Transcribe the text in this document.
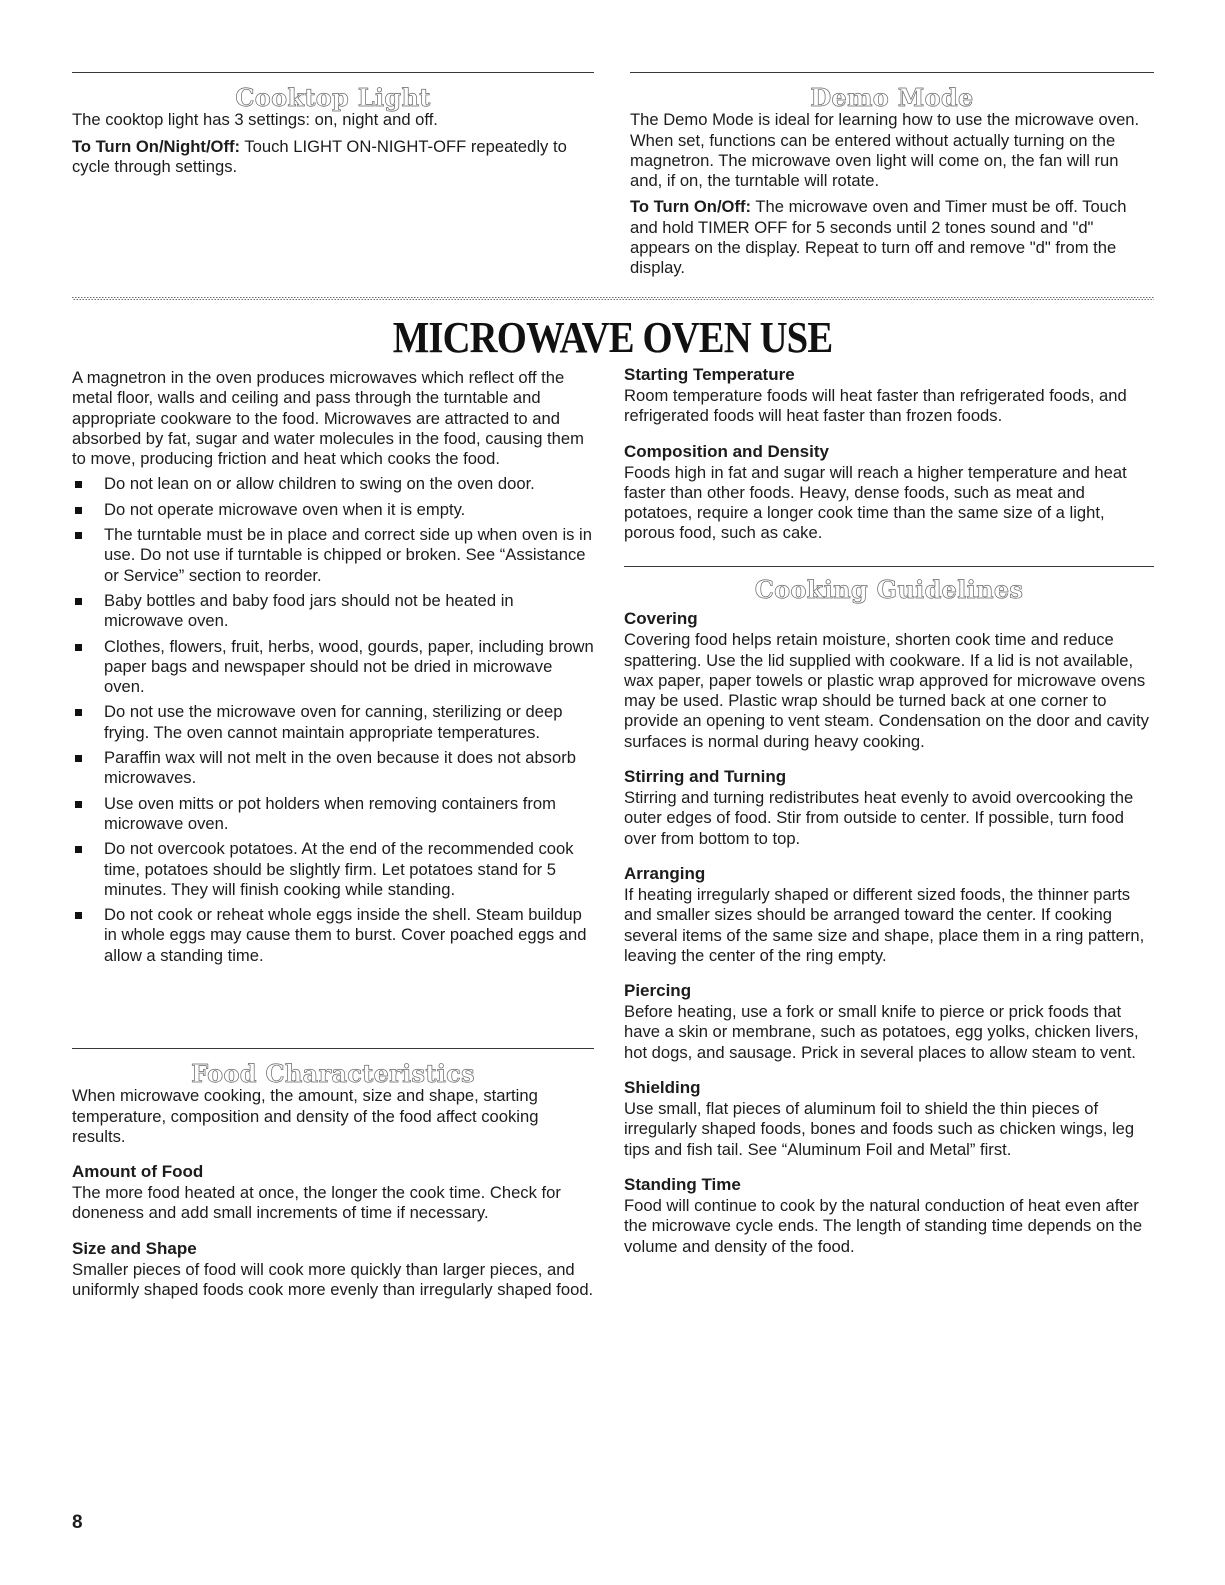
Cooktop Light

The cooktop light has 3 settings: on, night and off.

To Turn On/Night/Off: Touch LIGHT ON-NIGHT-OFF repeatedly to cycle through settings.

Demo Mode

The Demo Mode is ideal for learning how to use the microwave oven. When set, functions can be entered without actually turning on the magnetron. The microwave oven light will come on, the fan will run and, if on, the turntable will rotate.

To Turn On/Off: The microwave oven and Timer must be off. Touch and hold TIMER OFF for 5 seconds until 2 tones sound and "d" appears on the display. Repeat to turn off and remove "d" from the display.

MICROWAVE OVEN USE

A magnetron in the oven produces microwaves which reflect off the metal floor, walls and ceiling and pass through the turntable and appropriate cookware to the food. Microwaves are attracted to and absorbed by fat, sugar and water molecules in the food, causing them to move, producing friction and heat which cooks the food.

Do not lean on or allow children to swing on the oven door.
Do not operate microwave oven when it is empty.
The turntable must be in place and correct side up when oven is in use. Do not use if turntable is chipped or broken. See “Assistance or Service” section to reorder.
Baby bottles and baby food jars should not be heated in microwave oven.
Clothes, flowers, fruit, herbs, wood, gourds, paper, including brown paper bags and newspaper should not be dried in microwave oven.
Do not use the microwave oven for canning, sterilizing or deep frying. The oven cannot maintain appropriate temperatures.
Paraffin wax will not melt in the oven because it does not absorb microwaves.
Use oven mitts or pot holders when removing containers from microwave oven.
Do not overcook potatoes. At the end of the recommended cook time, potatoes should be slightly firm. Let potatoes stand for 5 minutes. They will finish cooking while standing.
Do not cook or reheat whole eggs inside the shell. Steam buildup in whole eggs may cause them to burst. Cover poached eggs and allow a standing time.
Food Characteristics

When microwave cooking, the amount, size and shape, starting temperature, composition and density of the food affect cooking results.

Amount of Food

The more food heated at once, the longer the cook time. Check for doneness and add small increments of time if necessary.

Size and Shape

Smaller pieces of food will cook more quickly than larger pieces, and uniformly shaped foods cook more evenly than irregularly shaped food.

Starting Temperature

Room temperature foods will heat faster than refrigerated foods, and refrigerated foods will heat faster than frozen foods.

Composition and Density

Foods high in fat and sugar will reach a higher temperature and heat faster than other foods. Heavy, dense foods, such as meat and potatoes, require a longer cook time than the same size of a light, porous food, such as cake.

Cooking Guidelines
Covering

Covering food helps retain moisture, shorten cook time and reduce spattering. Use the lid supplied with cookware. If a lid is not available, wax paper, paper towels or plastic wrap approved for microwave ovens may be used. Plastic wrap should be turned back at one corner to provide an opening to vent steam. Condensation on the door and cavity surfaces is normal during heavy cooking.

Stirring and Turning

Stirring and turning redistributes heat evenly to avoid overcooking the outer edges of food. Stir from outside to center. If possible, turn food over from bottom to top.

Arranging

If heating irregularly shaped or different sized foods, the thinner parts and smaller sizes should be arranged toward the center. If cooking several items of the same size and shape, place them in a ring pattern, leaving the center of the ring empty.

Piercing

Before heating, use a fork or small knife to pierce or prick foods that have a skin or membrane, such as potatoes, egg yolks, chicken livers, hot dogs, and sausage. Prick in several places to allow steam to vent.

Shielding

Use small, flat pieces of aluminum foil to shield the thin pieces of irregularly shaped foods, bones and foods such as chicken wings, leg tips and fish tail. See “Aluminum Foil and Metal” first.

Standing Time

Food will continue to cook by the natural conduction of heat even after the microwave cycle ends. The length of standing time depends on the volume and density of the food.

8
